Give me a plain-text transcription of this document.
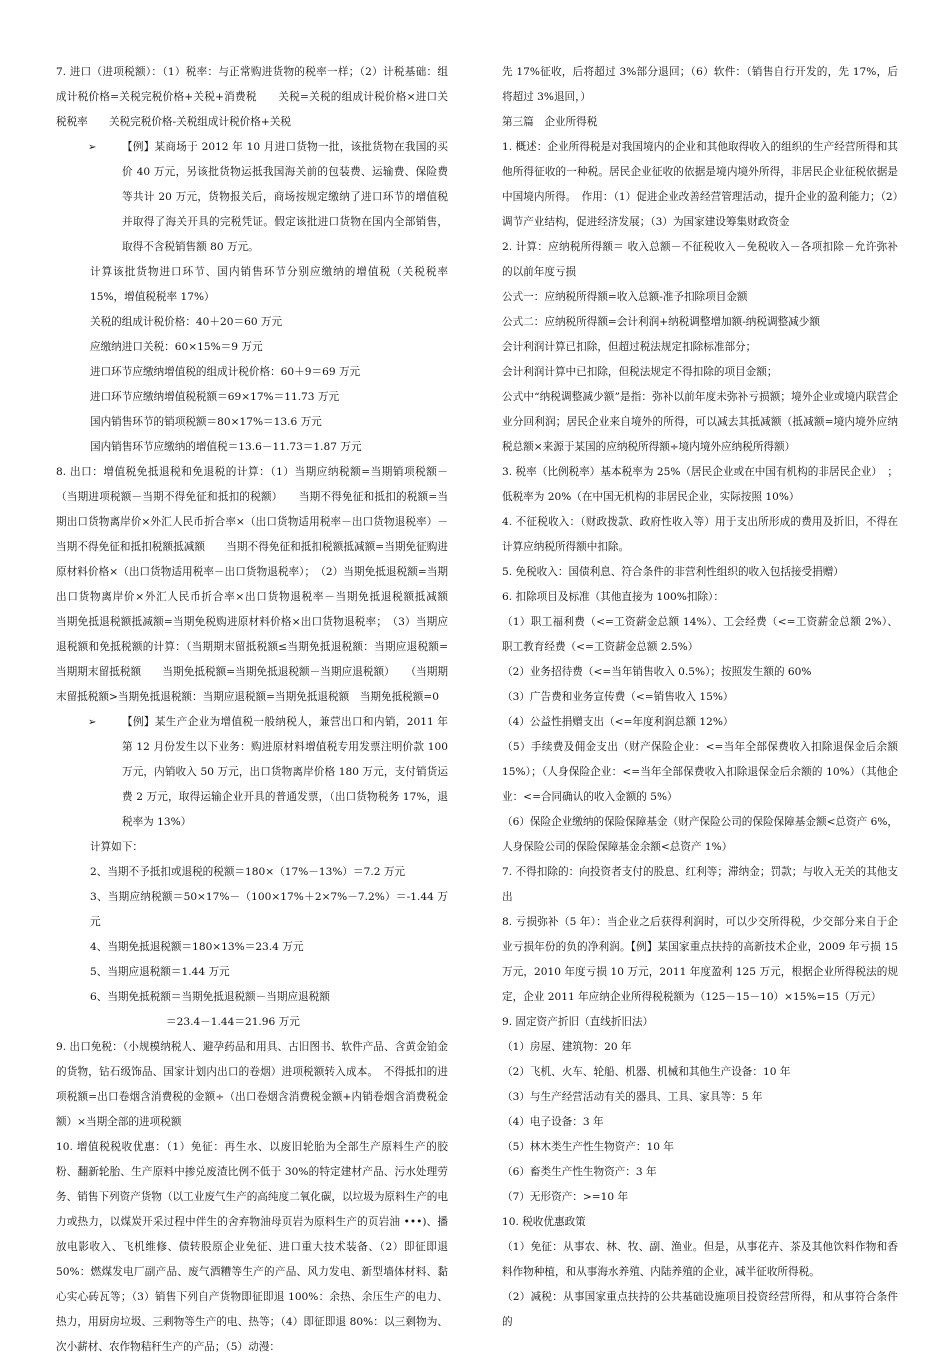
7. 进口（进项税额）：（1）税率：与正常购进货物的税率一样；（2）计税基础：组成计税价格=关税完税价格+关税+消费税　　关税=关税的组成计税价格×进口关税税率　　关税完税价格-关税组成计税价格+关税

➢ 【例】某商场于 2012 年 10 月进口货物一批，该批货物在我国的买价 40 万元，另该批货物运抵我国海关前的包装费、运输费、保险费等共计 20 万元，货物报关后，商场按规定缴纳了进口环节的增值税并取得了海关开具的完税凭证。假定该批进口货物在国内全部销售，取得不含税销售额 80 万元。

计算该批货物进口环节、国内销售环节分别应缴纳的增值税（关税税率 15%，增值税税率 17%）

关税的组成计税价格：40＋20＝60 万元

应缴纳进口关税：60×15%＝9 万元

进口环节应缴纳增值税的组成计税价格：60＋9＝69 万元

进口环节应缴纳增值税税额＝69×17%＝11.73 万元

国内销售环节的销项税额＝80×17%＝13.6 万元

国内销售环节应缴纳的增值税＝13.6－11.73＝1.87 万元

8. 出口：增值税免抵退税和免退税的计算：（1）当期应纳税额=当期销项税额－（当期进项税额－当期不得免征和抵扣的税额）　　当期不得免征和抵扣的税额=当期出口货物离岸价×外汇人民币折合率×（出口货物适用税率－出口货物退税率）－当期不得免征和抵扣税额抵减额　　当期不得免征和抵扣税额抵减额=当期免征购进原材料价格×（出口货物适用税率－出口货物退税率）；　（2）当期免抵退税额=当期出口货物离岸价×外汇人民币折合率×出口货物退税率－当期免抵退税额抵减额　　当期免抵退税额抵减额=当期免税购进原材料价格×出口货物退税率；　（3）当期应退税额和免抵税额的计算：（当期期末留抵税额≤当期免抵退税额：当期应退税额=当期期末留抵税额　　当期免抵税额=当期免抵退税额－当期应退税额）　　（当期期末留抵税额>当期免抵退税额：当期应退税额=当期免抵退税额　当期免抵税额=0

➢ 【例】某生产企业为增值税一般纳税人，兼营出口和内销，2011 年第 12 月份发生以下业务：购进原材料增值税专用发票注明价款 100 万元，内销收入 50 万元，出口货物离岸价格 180 万元，支付销货运费 2 万元，取得运输企业开具的普通发票，（出口货物税务 17%，退税率为 13%）

计算如下：

2、当期不予抵扣或退税的税额＝180×（17%－13%）＝7.2 万元

3、当期应纳税额＝50×17%－（100×17%＋2×7%－7.2%）＝-1.44 万元

4、当期免抵退税额＝180×13%＝23.4 万元

5、当期应退税额＝1.44 万元

6、当期免抵税额＝当期免抵退税额－当期应退税额

＝23.4－1.44＝21.96 万元

9. 出口免税：（小规模纳税人、避孕药品和用具、古旧图书、软件产品、含黄金铂金的货物，钻石级饰品、国家计划内出口的卷烟）进项税额转入成本。　不得抵扣的进项税额=出口卷烟含消费税的金额÷（出口卷烟含消费税金额+内销卷烟含消费税金额）×当期全部的进项税额

10. 增值税税收优惠：（1）免征：再生水、以废旧轮胎为全部生产原料生产的胶粉、翻新轮胎、生产原料中掺兑废渣比例不低于 30%的特定建材产品、污水处理劳务、销售下列资产货物（以工业废气生产的高纯度二氧化碳，以垃圾为原料生产的电力或热力，以煤炭开采过程中伴生的舍弃物油母页岩为原料生产的页岩油 •••)、播放电影收入、飞机维修、债转股原企业免征、进口重大技术装备、（2）即征即退 50%：燃煤发电厂副产品、废气酒糟等生产的产品、风力发电、新型墙体材料、黏心实心砖瓦等；（3）销售下列自产货物即征即退 100%：余热、余压生产的电力、热力，用厨房垃圾、三剩物等生产的电、热等；（4）即征即退 80%：以三剩物为、次小薪材、农作物秸秆生产的产品；（5）动漫：

先 17%征收，后将超过 3%部分退回；（6）软件：（销售自行开发的，先 17%，后将超过 3%退回，）

第三篇　企业所得税

1. 概述：企业所得税是对我国境内的企业和其他取得收入的组织的生产经营所得和其他所得征收的一种税。居民企业征收的依据是境内境外所得，非居民企业征税依据是中国境内所得。　作用：（1）促进企业改善经营管理活动，提升企业的盈利能力；（2）调节产业结构，促进经济发展；（3）为国家建设筹集财政资金

2. 计算：应纳税所得额＝ 收入总额－不征税收入－免税收入－各项扣除－允许弥补的以前年度亏损

公式一：应纳税所得额=收入总额-准予扣除项目金额

公式二：应纳税所得额=会计利润+纳税调整增加额-纳税调整减少额

会计利润计算已扣除，但超过税法规定扣除标准部分；

会计利润计算中已扣除，但税法规定不得扣除的项目金额；

公式中“纳税调整减少额”是指：弥补以前年度未弥补亏损额；境外企业或境内联营企业分回利润；居民企业来自境外的所得，可以减去其抵减额（抵减额=境内境外应纳税总额×来源于某国的应纳税所得额÷境内境外应纳税所得额）

3. 税率（比例税率）基本税率为 25%（居民企业或在中国有机构的非居民企业）　；低税率为 20%（在中国无机构的非居民企业，实际按照 10%）

4. 不征税收入：（财政拨款、政府性收入等）用于支出所形成的费用及折旧，不得在计算应纳税所得额中扣除。

5. 免税收入：国债利息、符合条件的非营利性组织的收入包括接受捐赠）

6. 扣除项目及标准（其他直接为 100%扣除）：

（1）职工福利费（<=工资薪金总额 14%）、工会经费（<=工资薪金总额 2%）、职工教育经费（<=工资薪金总额 2.5%）

（2）业务招待费（<=当年销售收入 0.5%）；按照发生额的 60%

（3）广告费和业务宣传费（<=销售收入 15%）

（4）公益性捐赠支出（<=年度利润总额 12%）

（5）手续费及佣金支出（财产保险企业：<=当年全部保费收入扣除退保金后余额 15%）；（人身保险企业：<=当年全部保费收入扣除退保金后余额的 10%）（其他企业：<=合同确认的收入金额的 5%）

（6）保险企业缴纳的保险保障基金（财产保险公司的保险保障基金额<总资产 6%，人身保险公司的保险保障基金余额<总资产 1%）

7. 不得扣除的：向投资者支付的股息、红利等；滞纳金；罚款；与收入无关的其他支出

8. 亏损弥补（5 年）：当企业之后获得利润时，可以少交所得税，少交部分来自于企业亏损年份的负的净利润。【例】某国家重点扶持的高新技术企业，2009 年亏损 15 万元，2010 年度亏损 10 万元，2011 年度盈利 125 万元，根据企业所得税法的规定，企业 2011 年应纳企业所得税税额为（125－15－10）×15%=15（万元）

9. 固定资产折旧（直线折旧法）

（1）房屋、建筑物：20 年

（2）飞机、火车、轮船、机器、机械和其他生产设备：10 年

（3）与生产经营活动有关的器具、工具、家具等：5 年

（4）电子设备：3 年

（5）林木类生产性生物资产：10 年

（6）畜类生产性生物资产：3 年

（7）无形资产：>=10 年

10. 税收优惠政策

（1）免征：从事农、林、牧、副、渔业。但是，从事花卉、茶及其他饮料作物和香料作物种植，和从事海水养殖、内陆养殖的企业，减半征收所得税。

（2）减税：从事国家重点扶持的公共基础设施项目投资经营所得，和从事符合条件的
